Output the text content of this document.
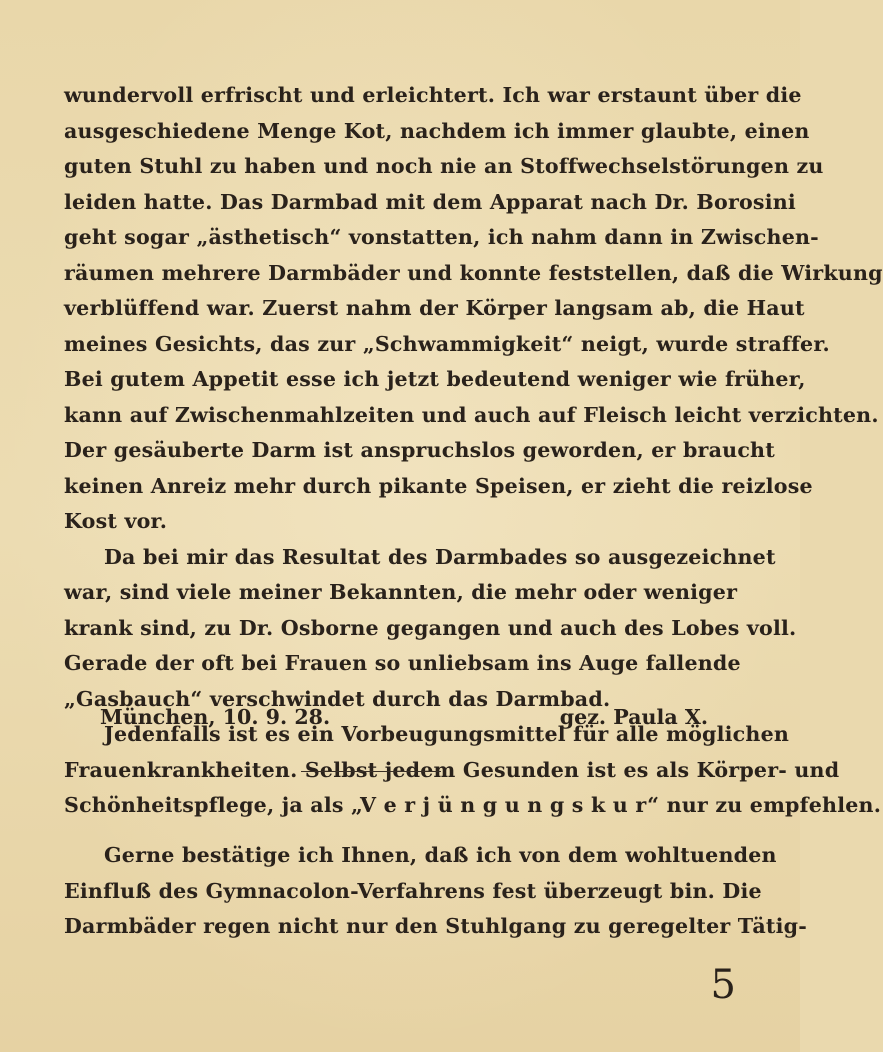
wundervoll erfrischt und erleichtert. Ich war erstaunt über die
ausgeschiedene Menge Kot, nachdem ich immer glaubte, einen
guten Stuhl zu haben und noch nie an Stoffwechselstörungen zu
leiden hatte. Das Darmbad mit dem Apparat nach Dr. Borosini
geht sogar „ästhetisch“ vonstatten, ich nahm dann in Zwischen-
räumen mehrere Darmbäder und konnte feststellen, daß die Wirkung
verblüffend war. Zuerst nahm der Körper langsam ab, die Haut
meines Gesichts, das zur „Schwammigkeit“ neigt, wurde straffer.
Bei gutem Appetit esse ich jetzt bedeutend weniger wie früher,
kann auf Zwischenmahlzeiten und auch auf Fleisch leicht verzichten.
Der gesäuberte Darm ist anspruchslos geworden, er braucht
keinen Anreiz mehr durch pikante Speisen, er zieht die reizlose
Kost vor.
Da bei mir das Resultat des Darmbades so ausgezeichnet
war, sind viele meiner Bekannten, die mehr oder weniger
krank sind, zu Dr. Osborne gegangen und auch des Lobes voll.
Gerade der oft bei Frauen so unliebsam ins Auge fallende
„Gasbauch“ verschwindet durch das Darmbad.
Jedenfalls ist es ein Vorbeugungsmittel für alle möglichen
Frauenkrankheiten. Selbst jedem Gesunden ist es als Körper- und
Schönheitspflege, ja als „V e r j ü n g u n g s k u r“ nur zu empfehlen.
München, 10. 9. 28.	gez. Paula X.
Gerne bestätige ich Ihnen, daß ich von dem wohltuenden
Einfluß des Gymnacolon-Verfahrens fest überzeugt bin. Die
Darmbäder regen nicht nur den Stuhlgang zu geregelter Tätig-
5
